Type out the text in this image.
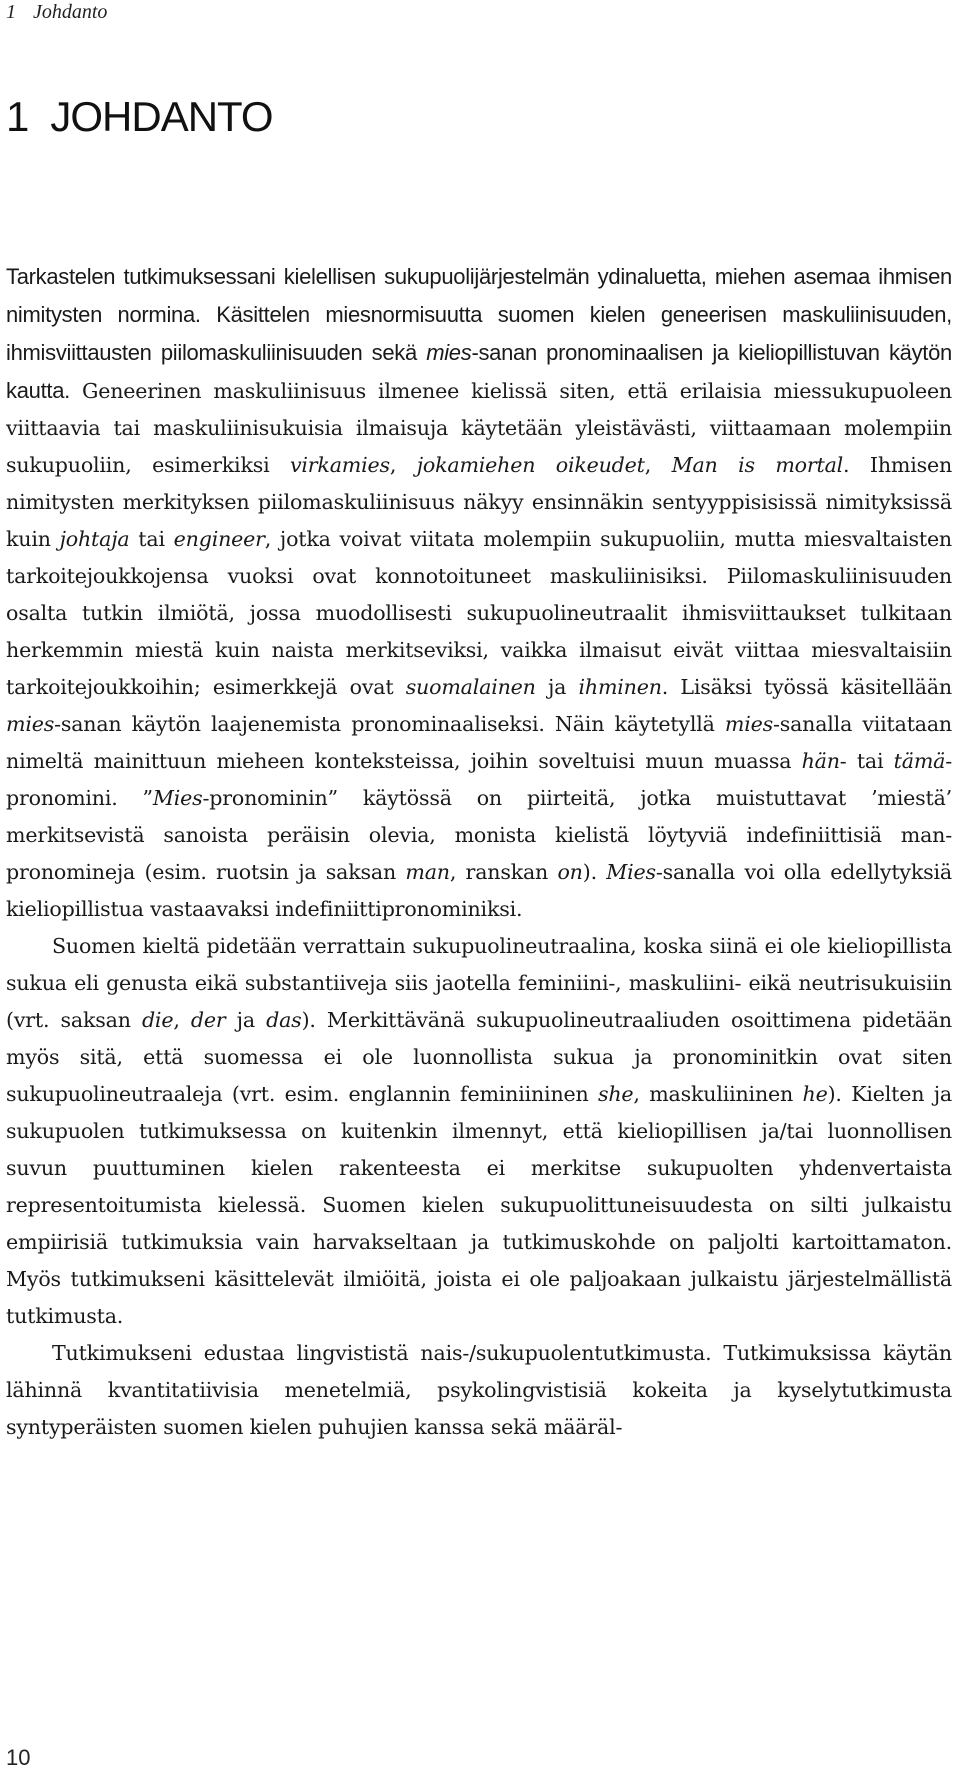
1 Johdanto
1 JOHDANTO

Tarkastelen tutkimuksessani kielellisen sukupuolijärjestelmän ydinaluetta, miehen asemaa ihmisen nimitysten normina. Käsittelen miesnormisuutta suomen kielen geneerisen maskuliinisuuden, ihmisviittausten piilomaskuliinisuuden sekä mies-sanan pronominaalisen ja kieliopillistuvan käytön kautta. Geneerinen maskuliinisuus ilmenee kielissä siten, että erilaisia miessukupuoleen viittaavia tai maskuliinisukuisia ilmaisuja käytetään yleistävästi, viittaamaan molempiin sukupuoliin, esimerkiksi virkamies, jokamiehen oikeudet, Man is mortal. Ihmisen nimitysten merkityksen piilomaskuliinisuus näkyy ensinnäkin sentyyppisisissä nimityksissä kuin johtaja tai engineer, jotka voivat viitata molempiin sukupuoliin, mutta miesvaltaisten tarkoitejoukkojensa vuoksi ovat konnotoituneet maskuliinisiksi. Piilomaskuliinisuuden osalta tutkin ilmiötä, jossa muodollisesti sukupuolineutraalit ihmisviittaukset tulkitaan herkemmin miestä kuin naista merkitseviksi, vaikka ilmaisut eivät viittaa miesvaltaisiin tarkoitejoukkoihin; esimerkkejä ovat suomalainen ja ihminen. Lisäksi työssä käsitellään mies-sanan käytön laajenemista pronominaaliseksi. Näin käytetyllä mies-sanalla viitataan nimeltä mainittuun mieheen konteksteissa, joihin soveltuisi muun muassa hän- tai tämä-pronomini. ”Mies-pronominin” käytössä on piirteitä, jotka muistuttavat ’miestä’ merkitsevistä sanoista peräisin olevia, monista kielistä löytyviä indefiniittisiä man-pronomineja (esim. ruotsin ja saksan man, ranskan on). Mies-sanalla voi olla edellytyksiä kieliopillistua vastaavaksi indefiniittipronominiksi.

Suomen kieltä pidetään verrattain sukupuolineutraalina, koska siinä ei ole kieliopillista sukua eli genusta eikä substantiiveja siis jaotella feminiini-, maskuliini- eikä neutrisukuisiin (vrt. saksan die, der ja das). Merkittävänä sukupuolineutraaliuden osoittimena pidetään myös sitä, että suomessa ei ole luonnollista sukua ja pronominitkin ovat siten sukupuolineutraaleja (vrt. esim. englannin feminiininen she, maskuliininen he). Kielten ja sukupuolen tutkimuksessa on kuitenkin ilmennyt, että kieliopillisen ja/tai luonnollisen suvun puuttuminen kielen rakenteesta ei merkitse sukupuolten yhdenvertaista representoitumista kielessä. Suomen kielen sukupuolittuneisuudesta on silti julkaistu empiirisiä tutkimuksia vain harvakseltaan ja tutkimuskohde on paljolti kartoittamaton. Myös tutkimukseni käsittelevät ilmiöitä, joista ei ole paljoakaan julkaistu järjestelmällistä tutkimusta.

Tutkimukseni edustaa lingvististä nais-/sukupuolentutkimusta. Tutkimuksissa käytän lähinnä kvantitatiivisia menetelmiä, psykolingvistisiä kokeita ja kyselytutkimusta syntyperäisten suomen kielen puhujien kanssa sekä määräl-

10
